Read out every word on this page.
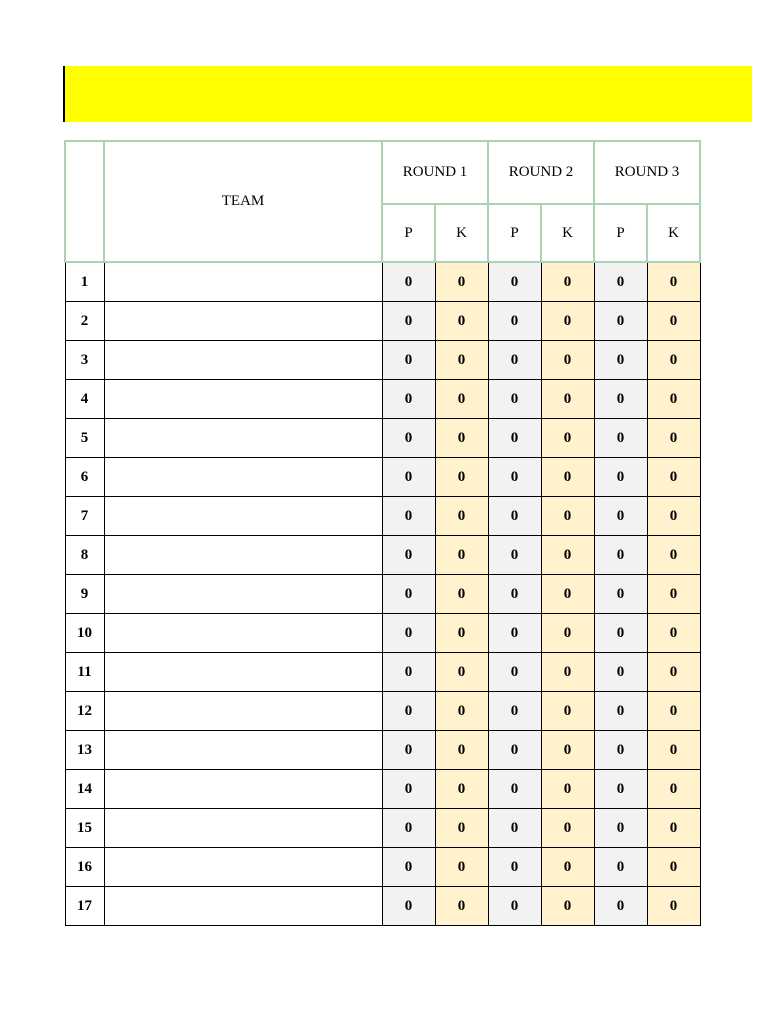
	TEAM	ROUND 1		ROUND 2		ROUND 3	
		P	K	P	K	P	K
1		0	0	0	0	0	0
2		0	0	0	0	0	0
3		0	0	0	0	0	0
4		0	0	0	0	0	0
5		0	0	0	0	0	0
6		0	0	0	0	0	0
7		0	0	0	0	0	0
8		0	0	0	0	0	0
9		0	0	0	0	0	0
10		0	0	0	0	0	0
11		0	0	0	0	0	0
12		0	0	0	0	0	0
13		0	0	0	0	0	0
14		0	0	0	0	0	0
15		0	0	0	0	0	0
16		0	0	0	0	0	0
17		0	0	0	0	0	0
